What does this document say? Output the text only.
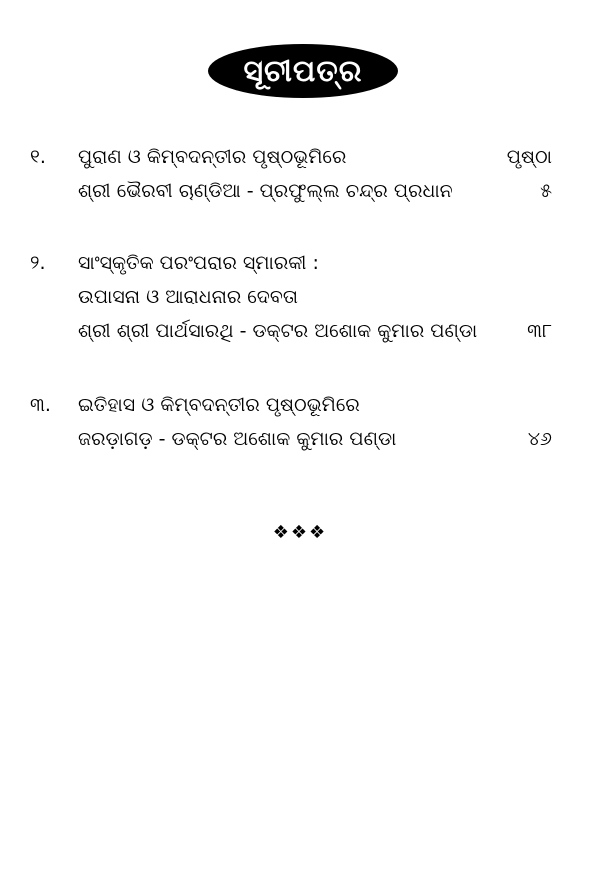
ସୂଚୀପତ୍ର
୧. ପୁରାଣ ଓ କିମ୍ବଦନ୍ତୀର ପୃଷ୍ଠଭୂମିରେ	ପୃଷ୍ଠା
ଶ୍ରୀ ଭୈରବୀ ଚାଣ୍ଡିଆ - ପ୍ରଫୁଲ୍ଲ ଚନ୍ଦ୍ର ପ୍ରଧାନ	୫
୨. ସାଂସ୍କୃତିକ ପରଂପରାର ସ୍ମାରକୀ :
ଉପାସନା ଓ ଆରାଧନାର ଦେବତା
ଶ୍ରୀ ଶ୍ରୀ ପାର୍ଥସାରଥି - ଡକ୍ଟର ଅଶୋକ କୁମାର ପଣ୍ଡା	୩୮
୩. ଇତିହାସ ଓ କିମ୍ବଦନ୍ତୀର ପୃଷ୍ଠଭୂମିରେ
ଜରଡ଼ାଗଡ଼ - ଡକ୍ଟର ଅଶୋକ କୁମାର ପଣ୍ଡା	୪୬
❖❖❖
